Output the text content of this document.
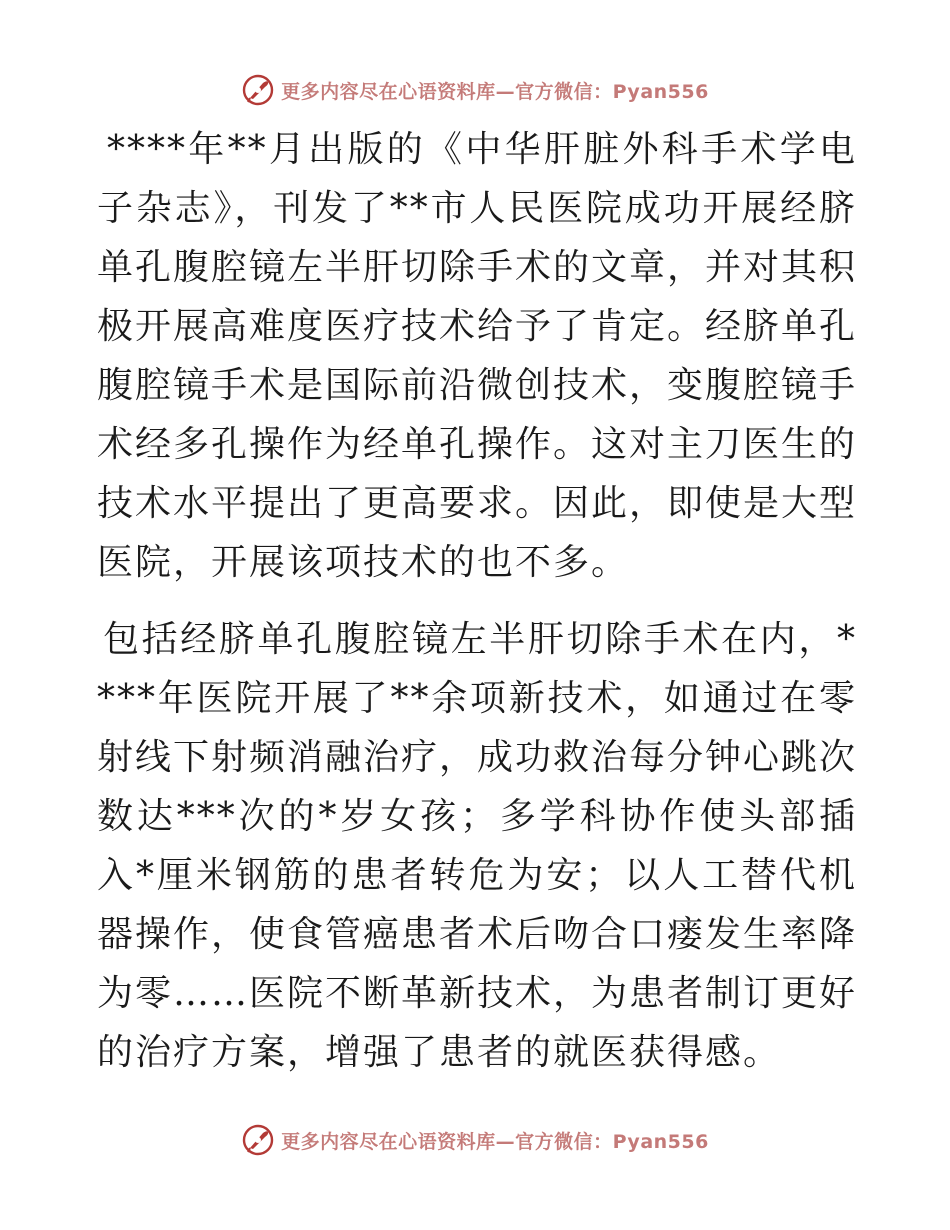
更多内容尽在心语资料库—官方微信：Pyan556

****年**月出版的《中华肝脏外科手术学电子杂志》，刊发了**市人民医院成功开展经脐单孔腹腔镜左半肝切除手术的文章，并对其积极开展高难度医疗技术给予了肯定。经脐单孔腹腔镜手术是国际前沿微创技术，变腹腔镜手术经多孔操作为经单孔操作。这对主刀医生的技术水平提出了更高要求。因此，即使是大型医院，开展该项技术的也不多。

包括经脐单孔腹腔镜左半肝切除手术在内，****年医院开展了**余项新技术，如通过在零射线下射频消融治疗，成功救治每分钟心跳次数达***次的*岁女孩；多学科协作使头部插入*厘米钢筋的患者转危为安；以人工替代机器操作，使食管癌患者术后吻合口瘘发生率降为零……医院不断革新技术，为患者制订更好的治疗方案，增强了患者的就医获得感。

更多内容尽在心语资料库—官方微信：Pyan556
